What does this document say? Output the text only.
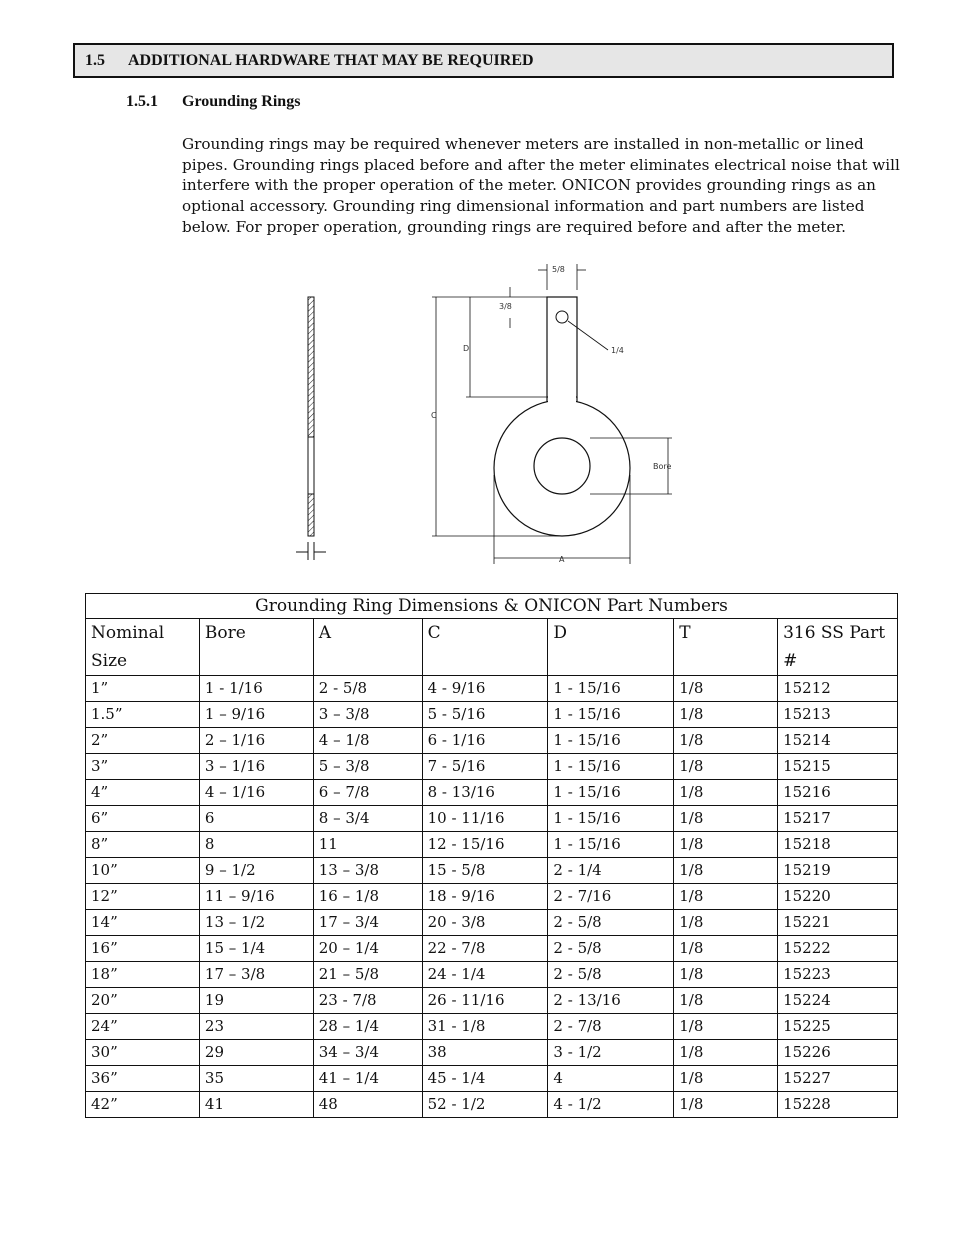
1.5	ADDITIONAL HARDWARE THAT MAY BE REQUIRED
1.5.1	Grounding Rings

Grounding rings may be required whenever meters are installed in non-metallic or lined pipes. Grounding rings placed before and after the meter eliminates electrical noise that will interfere with the proper operation of the meter. ONICON provides grounding rings as an optional accessory. Grounding ring dimensional information and part numbers are listed below. For proper operation, grounding rings are required before and after the meter.

5/8
3/8
1/4
D
C
Bore
A
Grounding Ring Dimensions & ONICON Part Numbers						
Nominal Size	Bore	A	C	D	T	316 SS Part #
1”	1 - 1/16	2 - 5/8	4 - 9/16	1 - 15/16	1/8	15212
1.5”	1 – 9/16	3 – 3/8	5 - 5/16	1 - 15/16	1/8	15213
2”	2 – 1/16	4 – 1/8	6 - 1/16	1 - 15/16	1/8	15214
3”	3 – 1/16	5 – 3/8	7 - 5/16	1 - 15/16	1/8	15215
4”	4 – 1/16	6 – 7/8	8 - 13/16	1 - 15/16	1/8	15216
6”	6	8 – 3/4	10 - 11/16	1 - 15/16	1/8	15217
8”	8	11	12 - 15/16	1 - 15/16	1/8	15218
10”	9 – 1/2	13 – 3/8	15 - 5/8	2 - 1/4	1/8	15219
12”	11 – 9/16	16 – 1/8	18 - 9/16	2 - 7/16	1/8	15220
14”	13 – 1/2	17 – 3/4	20 - 3/8	2 - 5/8	1/8	15221
16”	15 – 1/4	20 – 1/4	22 - 7/8	2 - 5/8	1/8	15222
18”	17 – 3/8	21 – 5/8	24 - 1/4	2 - 5/8	1/8	15223
20”	19	23 - 7/8	26 - 11/16	2 - 13/16	1/8	15224
24”	23	28 – 1/4	31 - 1/8	2 - 7/8	1/8	15225
30”	29	34 – 3/4	38	3 - 1/2	1/8	15226
36”	35	41 – 1/4	45 - 1/4	4	1/8	15227
42”	41	48	52 - 1/2	4 - 1/2	1/8	15228
